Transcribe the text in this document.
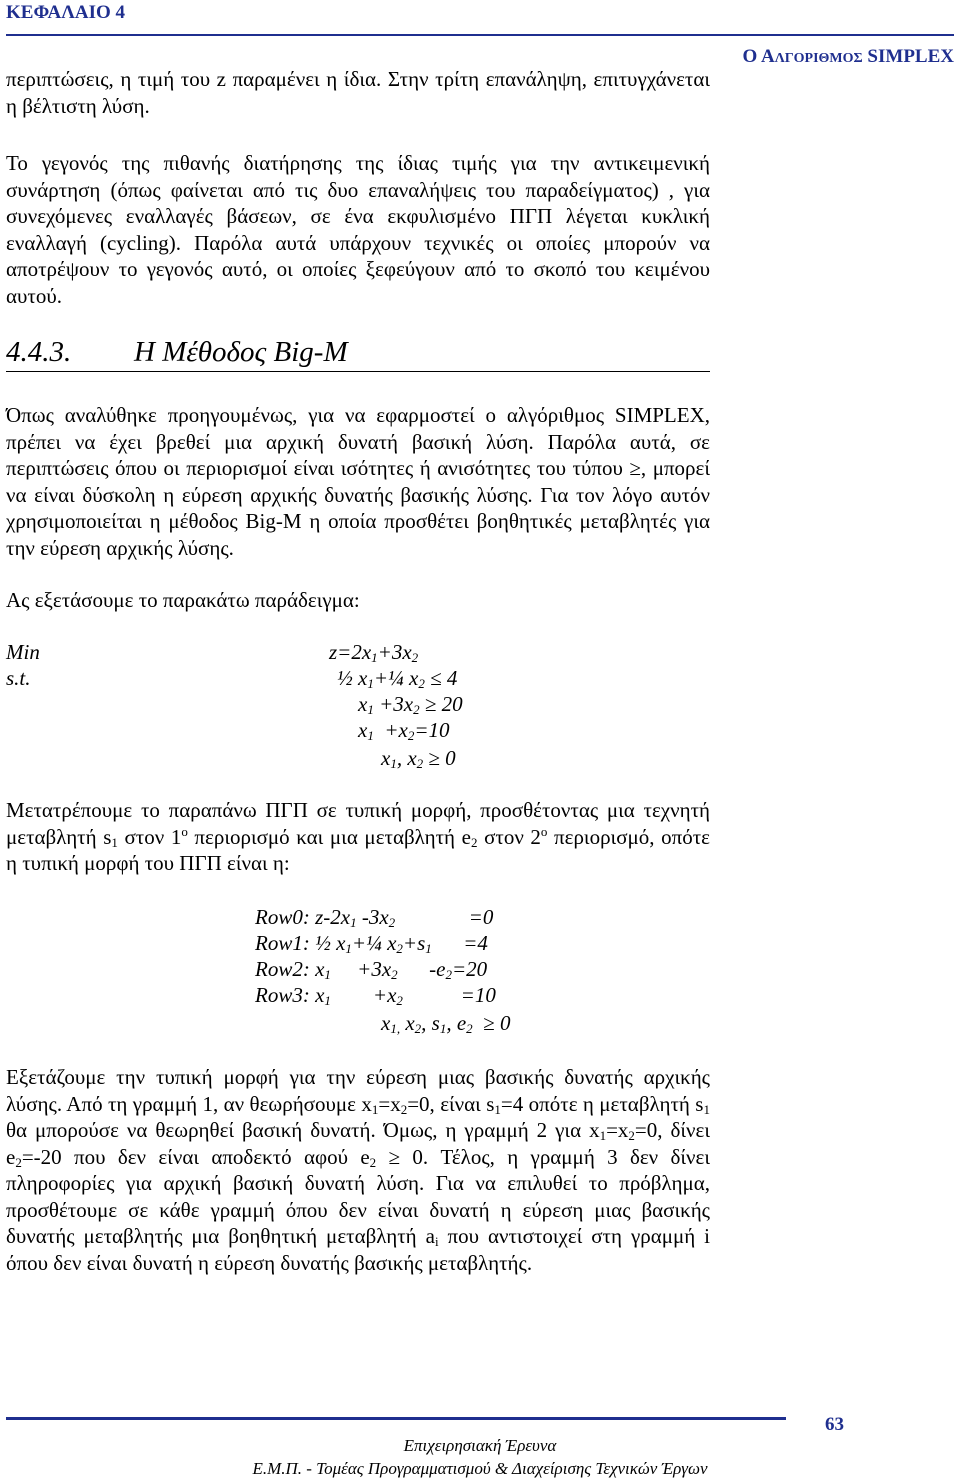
ΚΕΦΑΛΑΙΟ 4
Ο ΑΛΓΟΡΙΘΜΟΣ SIMPLEX
περιπτώσεις, η τιμή του z παραμένει η ίδια. Στην τρίτη επανάληψη, επιτυγχάνεται η βέλτιστη λύση.
Το γεγονός της πιθανής διατήρησης της ίδιας τιμής για την αντικειμενική συνάρτηση (όπως φαίνεται από τις δυο επαναλήψεις του παραδείγματος) , για συνεχόμενες εναλλαγές βάσεων, σε ένα εκφυλισμένο ΠΓΠ λέγεται κυκλική εναλλαγή (cycling). Παρόλα αυτά υπάρχουν τεχνικές οι οποίες μπορούν να αποτρέψουν το γεγονός αυτό, οι οποίες ξεφεύγουν από το σκοπό του κειμένου αυτού.
4.4.3. Η Μέθοδος Big-M
Όπως αναλύθηκε προηγουμένως, για να εφαρμοστεί ο αλγόριθμος SIMPLEX, πρέπει να έχει βρεθεί μια αρχική δυνατή βασική λύση. Παρόλα αυτά, σε περιπτώσεις όπου οι περιορισμοί είναι ισότητες ή ανισότητες του τύπου ≥, μπορεί να είναι δύσκολη η εύρεση αρχικής δυνατής βασικής λύσης. Για τον λόγο αυτόν χρησιμοποιείται η μέθοδος Big-M η οποία προσθέτει βοηθητικές μεταβλητές για την εύρεση αρχικής λύσης.
Ας εξετάσουμε το παρακάτω παράδειγμα:
Min
s.t.
$z=2x_1+3x_2$
½ $x_1+\frac{1}{4}$ $x_2 \le 4$
$x_1 +3x_2 \ge 20$
$x_1 +x_2=10$
$x_1$, $x_2 \ge 0$
Μετατρέπουμε το παραπάνω ΠΓΠ σε τυπική μορφή, προσθέτοντας μια τεχνητή μεταβλητή $s_1$ στον $1^o$ περιορισμό και μια μεταβλητή $e_2$ στον $2^o$ περιορισμό, οπότε η τυπική μορφή του ΠΓΠ είναι η:
Row0: $z-2x_1$ $-3x_2$              =0
Row1: ½ $x_1+\frac{1}{4}$ $x_2+s_1$      =4
Row2: $x_1$     $+3x_2$      $-e_2=20$
Row3: $x_1$        $+x_2$           =10
$x_{1,}$ $x_2$, $s_1$, $e_2 \ge 0$
Εξετάζουμε την τυπική μορφή για την εύρεση μιας βασικής δυνατής αρχικής λύσης. Από τη γραμμή 1, αν θεωρήσουμε $x_1=x_2=0$, είναι $s_1=4$ οπότε η μεταβλητή $s_1$ θα μπορούσε να θεωρηθεί βασική δυνατή. Όμως, η γραμμή 2 για $x_1=x_2=0$, δίνει $e_2=-20$ που δεν είναι αποδεκτό αφού $e_2 \ge 0$. Τέλος, η γραμμή 3 δεν δίνει πληροφορίες για αρχική βασική δυνατή λύση. Για να επιλυθεί το πρόβλημα, προσθέτουμε σε κάθε γραμμή όπου δεν είναι δυνατή η εύρεση μιας βασικής δυνατής μεταβλητής μια βοηθητική μεταβλητή $a_i$ που αντιστοιχεί στη γραμμή i όπου δεν είναι δυνατή η εύρεση δυνατής βασικής μεταβλητής.
63
Επιχειρησιακή Έρευνα
Ε.Μ.Π. - Τομέας Προγραμματισμού & Διαχείρισης Τεχνικών Έργων
